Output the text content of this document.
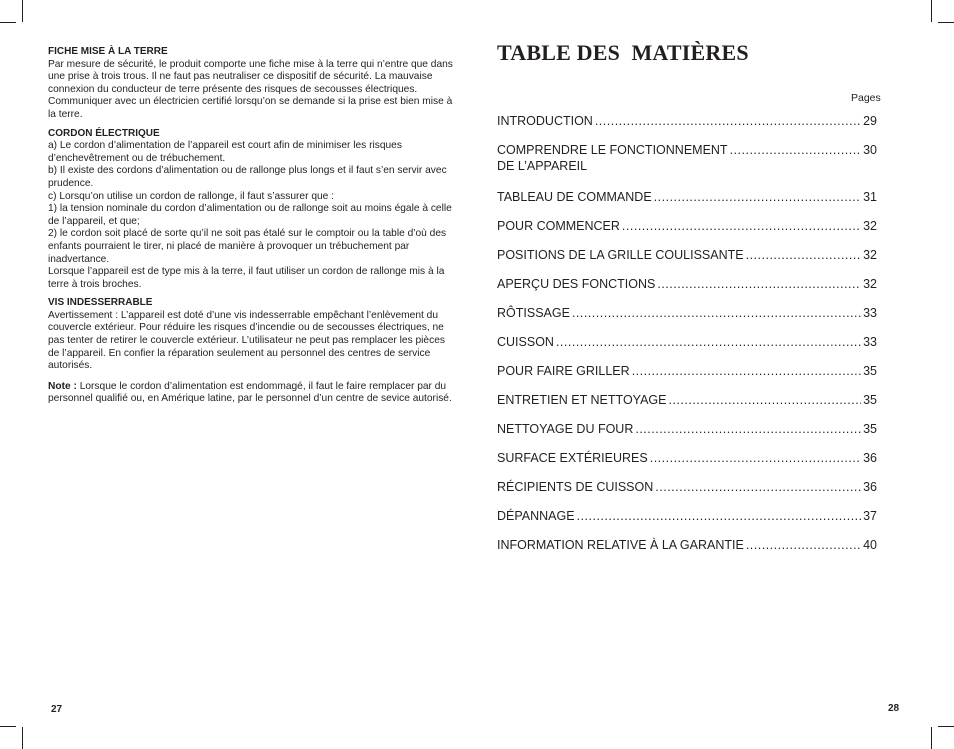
FICHE MISE À LA TERRE

Par mesure de sécurité, le produit comporte une fiche mise à la terre qui n’entre que dans une prise à trois trous. Il ne faut pas neutraliser ce dispositif de sécurité. La mauvaise connexion du conducteur de terre présente des risques de secousses électriques. Communiquer avec un électricien certifié lorsqu’on se demande si la prise est bien mise à la terre.

CORDON ÉLECTRIQUE

a) Le cordon d’alimentation de l’appareil est court afin de minimiser les risques d’enchevêtrement ou de trébuchement.

b) Il existe des cordons d’alimentation ou de rallonge plus longs et il faut s’en servir avec prudence.

c) Lorsqu’on utilise un cordon de rallonge, il faut s’assurer que :

1) la tension nominale du cordon d’alimentation ou de rallonge soit au moins égale à celle de l’appareil, et que;

2) le cordon soit placé de sorte qu’il ne soit pas étalé sur le comptoir ou la table d’où des enfants pourraient le tirer, ni placé de manière à provoquer un trébuchement par inadvertance.

Lorsque l’appareil est de type mis à la terre, il faut utiliser un cordon de rallonge mis à la terre à trois broches.

VIS INDESSERRABLE

Avertissement : L’appareil est doté d’une vis indesserrable empêchant l’enlèvement du couvercle extérieur. Pour réduire les risques d’incendie ou de secousses électriques, ne pas tenter de retirer le couvercle extérieur. L’utilisateur ne peut pas remplacer les pièces de l’appareil. En confier la réparation seulement au personnel des centres de service autorisés.

Note : Lorsque le cordon d’alimentation est endommagé, il faut le faire remplacer par du personnel qualifié ou, en Amérique latine, par le personnel d’un centre de sevice autorisé.

27
TABLE DES  MATIÈRES
Pages
INTRODUCTION .....	29
COMPRENDRE LE FONCTIONNEMENT .....	30
DE L’APPAREIL
TABLEAU DE COMMANDE .....	31
POUR COMMENCER .....	32
POSITIONS DE LA GRILLE COULISSANTE .....	32
APERÇU DES FONCTIONS .....	32
RÔTISSAGE .....	33
CUISSON .....	33
POUR FAIRE GRILLER .....	35
ENTRETIEN ET NETTOYAGE .....	35
NETTOYAGE DU FOUR .....	35
SURFACE EXTÉRIEURES .....	36
RÉCIPIENTS DE CUISSON .....	36
DÉPANNAGE .....	37
INFORMATION RELATIVE À LA GARANTIE .....	40
28
